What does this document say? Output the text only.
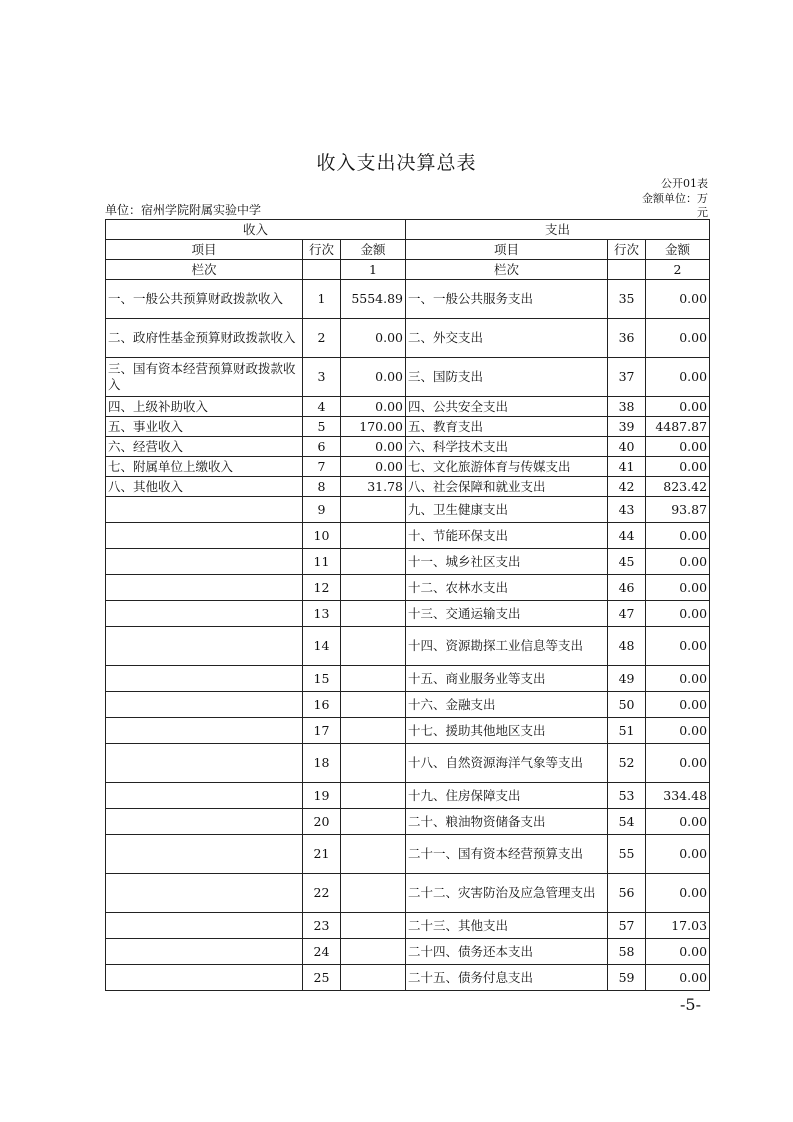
收入支出决算总表
公开01表
金额单位：万
元
单位：宿州学院附属实验中学
收入			支出		
项目	行次	金额	项目	行次	金额
栏次		1	栏次		2
一、一般公共预算财政拨款收入	1	5554.89	一、一般公共服务支出	35	0.00
二、政府性基金预算财政拨款收入	2	0.00	二、外交支出	36	0.00
三、国有资本经营预算财政拨款收入	3	0.00	三、国防支出	37	0.00
四、上级补助收入	4	0.00	四、公共安全支出	38	0.00
五、事业收入	5	170.00	五、教育支出	39	4487.87
六、经营收入	6	0.00	六、科学技术支出	40	0.00
七、附属单位上缴收入	7	0.00	七、文化旅游体育与传媒支出	41	0.00
八、其他收入	8	31.78	八、社会保障和就业支出	42	823.42
	9		九、卫生健康支出	43	93.87
	10		十、节能环保支出	44	0.00
	11		十一、城乡社区支出	45	0.00
	12		十二、农林水支出	46	0.00
	13		十三、交通运输支出	47	0.00
	14		十四、资源勘探工业信息等支出	48	0.00
	15		十五、商业服务业等支出	49	0.00
	16		十六、金融支出	50	0.00
	17		十七、援助其他地区支出	51	0.00
	18		十八、自然资源海洋气象等支出	52	0.00
	19		十九、住房保障支出	53	334.48
	20		二十、粮油物资储备支出	54	0.00
	21		二十一、国有资本经营预算支出	55	0.00
	22		二十二、灾害防治及应急管理支出	56	0.00
	23		二十三、其他支出	57	17.03
	24		二十四、债务还本支出	58	0.00
	25		二十五、债务付息支出	59	0.00
-5-
